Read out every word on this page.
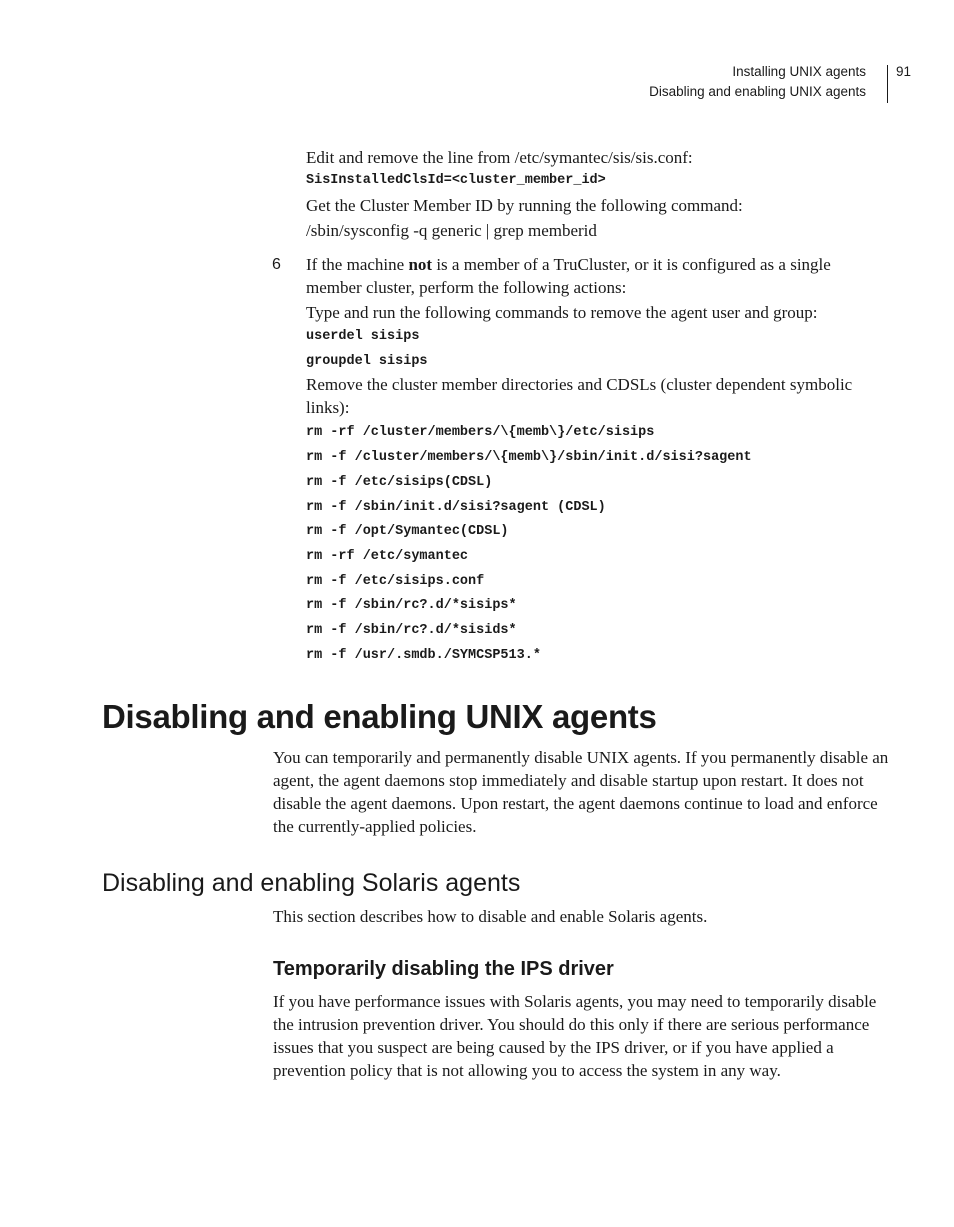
Installing UNIX agents
Disabling and enabling UNIX agents
91

Edit and remove the line from /etc/symantec/sis/sis.conf:

SisInstalledClsId=<cluster_member_id>

Get the Cluster Member ID by running the following command:

/sbin/sysconfig -q generic | grep memberid

6 If the machine not is a member of a TruCluster, or it is configured as a single member cluster, perform the following actions:

Type and run the following commands to remove the agent user and group:

userdel sisips

groupdel sisips

Remove the cluster member directories and CDSLs (cluster dependent symbolic links):

rm -rf /cluster/members/\{memb\}/etc/sisips

rm -f /cluster/members/\{memb\}/sbin/init.d/sisi?sagent

rm -f /etc/sisips(CDSL)

rm -f /sbin/init.d/sisi?sagent (CDSL)

rm -f /opt/Symantec(CDSL)

rm -rf /etc/symantec

rm -f /etc/sisips.conf

rm -f /sbin/rc?.d/*sisips*

rm -f /sbin/rc?.d/*sisids*

rm -f /usr/.smdb./SYMCSP513.*

Disabling and enabling UNIX agents

You can temporarily and permanently disable UNIX agents. If you permanently disable an agent, the agent daemons stop immediately and disable startup upon restart. It does not disable the agent daemons. Upon restart, the agent daemons continue to load and enforce the currently-applied policies.

Disabling and enabling Solaris agents

This section describes how to disable and enable Solaris agents.

Temporarily disabling the IPS driver

If you have performance issues with Solaris agents, you may need to temporarily disable the intrusion prevention driver. You should do this only if there are serious performance issues that you suspect are being caused by the IPS driver, or if you have applied a prevention policy that is not allowing you to access the system in any way.
